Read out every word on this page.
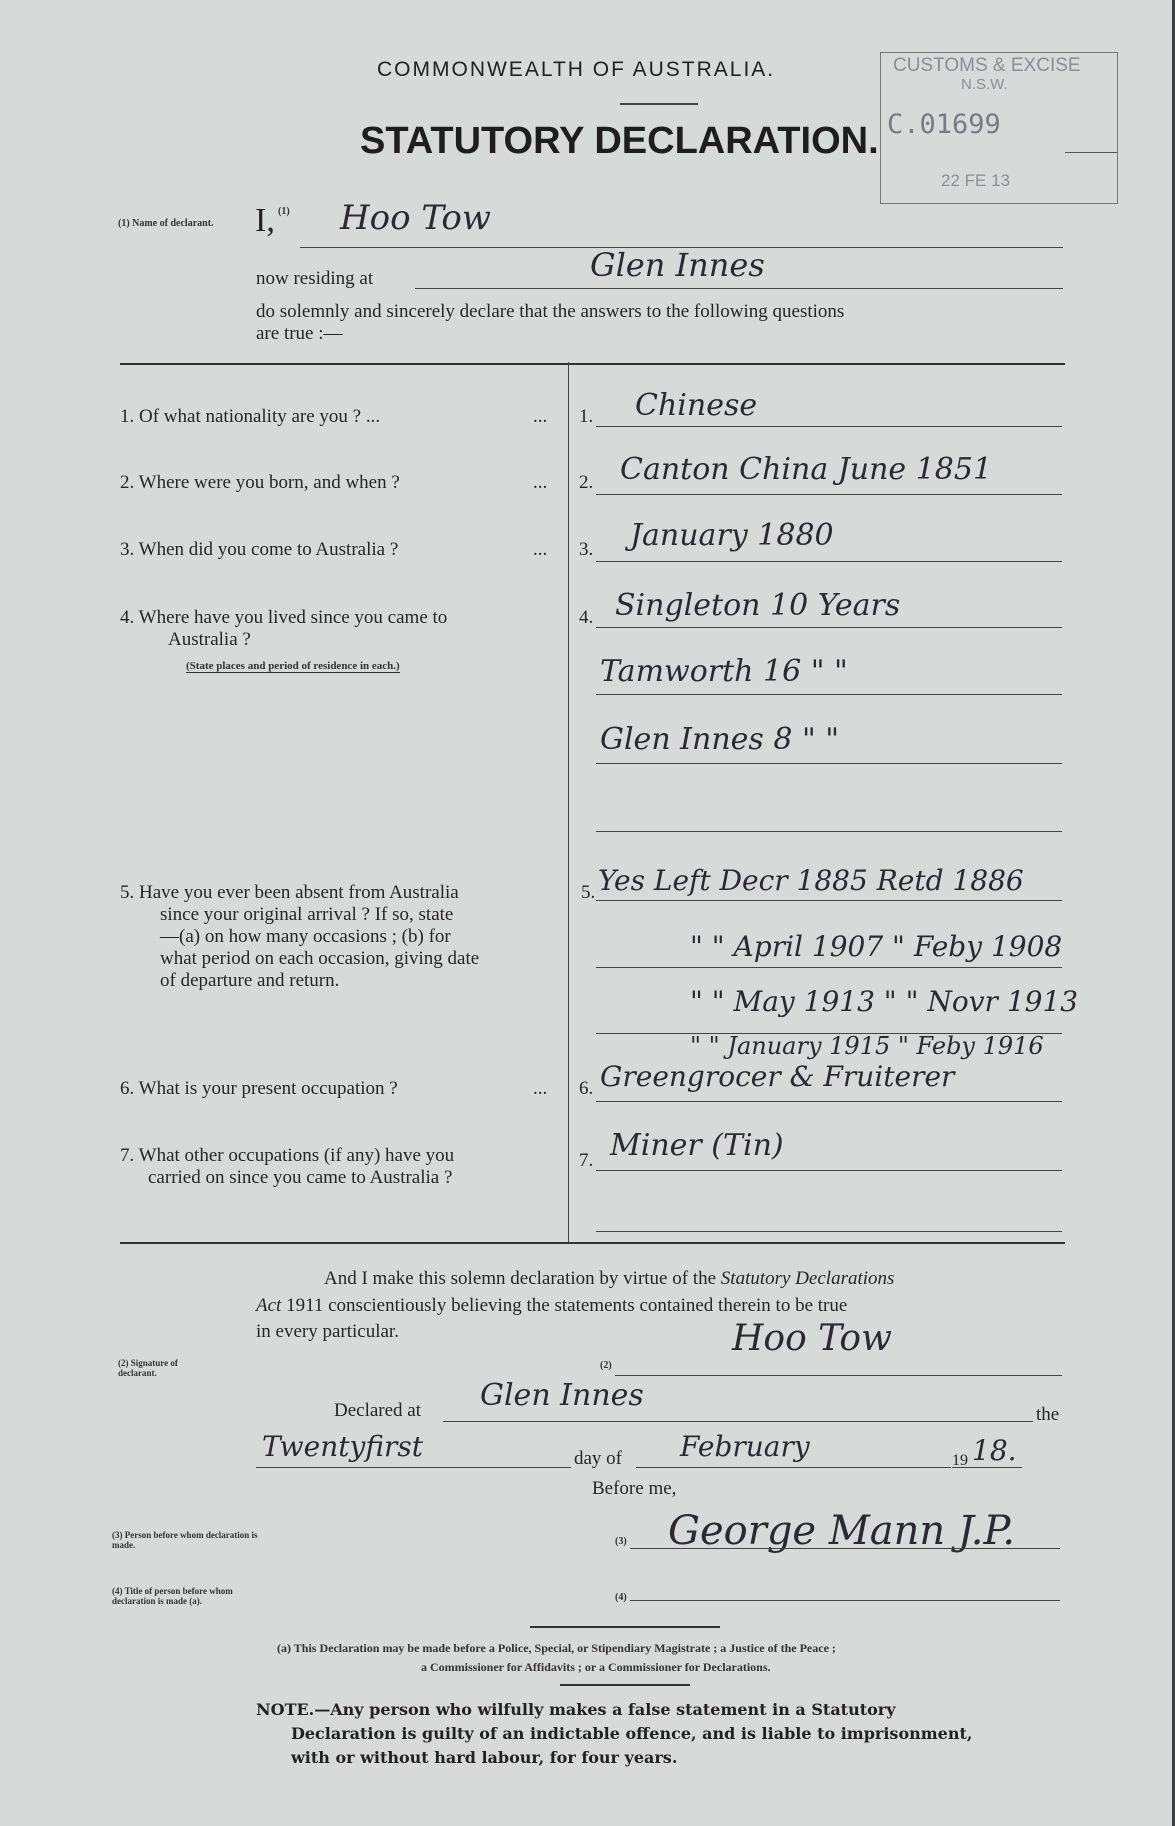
COMMONWEALTH OF AUSTRALIA.
STATUTORY DECLARATION.
CUSTOMS & EXCISE
N.S.W.
C.01699
22 FE 13
(1) Name of declarant. I, (1) Hoo Tow
now residing at	Glen Innes
do solemnly and sincerely declare that the answers to the following questions
are true :—
1. Of what nationality are you ? ...	... 1. Chinese
2. Where were you born, and when ?	... 2. Canton China June 1851
3. When did you come to Australia ?	... 3. January 1880
4. Where have you lived since you came to
Australia ?
(State places and period of residence in each.)
4. Singleton 10 Years
Tamworth 16 " "
Glen Innes 8 " "
5. Have you ever been absent from Australia
since your original arrival ? If so, state
—(a) on how many occasions ; (b) for
what period on each occasion, giving date
of departure and return.
5. Yes Left Decr 1885 Retd 1886
" " April 1907 " Feby 1908
" " May 1913 " " Novr 1913
" " January 1915 " Feby 1916
6. What is your present occupation ?	... 6. Greengrocer & Fruiterer
7. What other occupations (if any) have you
carried on since you came to Australia ?
7. Miner (Tin)
And I make this solemn declaration by virtue of the Statutory Declarations
Act 1911 conscientiously believing the statements contained therein to be true
in every particular.
(2) Signature of declarant.
(2)
Hoo Tow
Declared at Glen Innes
the
Twentyfirst	day of February	19 18.
Before me,
(3) Person before whom declaration is made.	(3) George Mann J.P.
(4) Title of person before whom declaration is made (a).	(4)
(a) This Declaration may be made before a Police, Special, or Stipendiary Magistrate ; a Justice of the Peace ;
a Commissioner for Affidavits ; or a Commissioner for Declarations.
NOTE.—Any person who wilfully makes a false statement in a Statutory
Declaration is guilty of an indictable offence, and is liable to imprisonment,
with or without hard labour, for four years.
